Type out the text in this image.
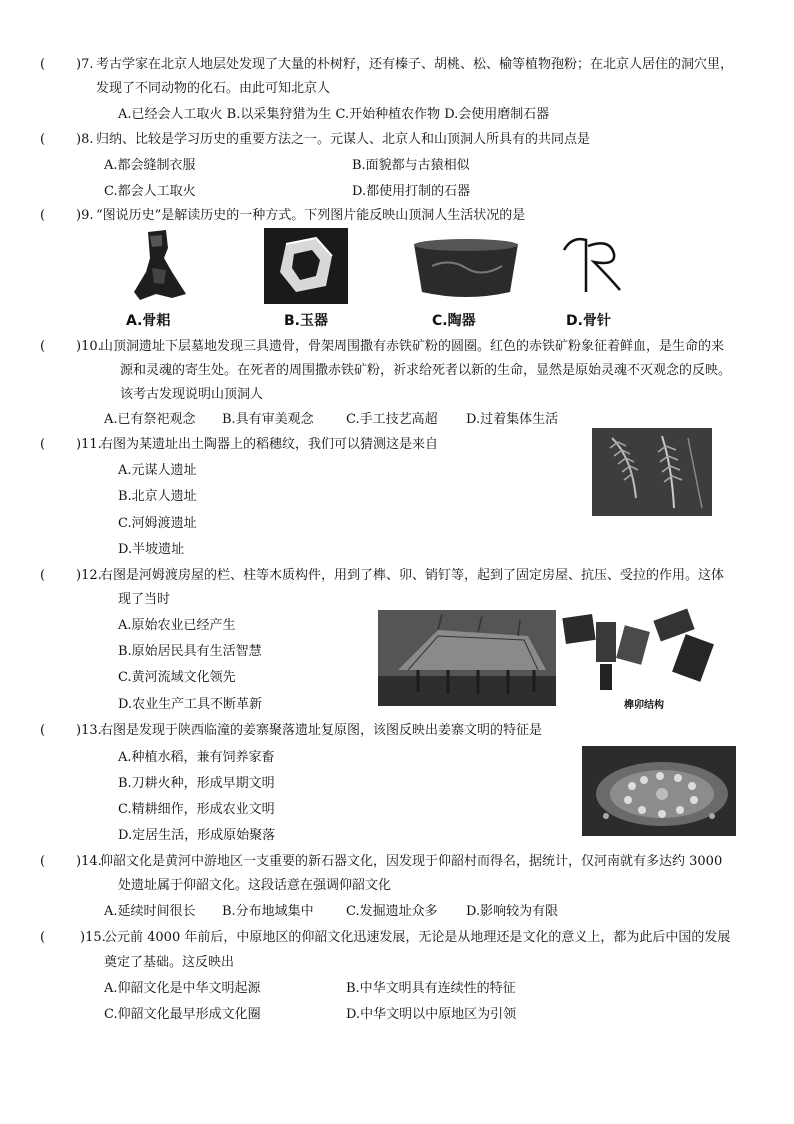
( )7. 考古学家在北京人地层处发现了大量的朴树籽，还有榛子、胡桃、松、榆等植物孢粉；在北京人居住的洞穴里，
发现了不同动物的化石。由此可知北京人
A.已经会人工取火 B.以采集狩猎为生 C.开始种植农作物 D.会使用磨制石器
( )8. 归纳、比较是学习历史的重要方法之一。元谋人、北京人和山顶洞人所具有的共同点是
A.都会缝制衣服	B.面貌都与古猿相似
C.都会人工取火	D.都使用打制的石器
( )9. “图说历史”是解读历史的一种方式。下列图片能反映山顶洞人生活状况的是
A.骨耜	B.玉器	C.陶器	D.骨针
( )10.
山顶洞遗址下层墓地发现三具遗骨，骨架周围撒有赤铁矿粉的圆圈。红色的赤铁矿粉象征着鲜血，是生命的来
源和灵魂的寄生处。在死者的周围撒赤铁矿粉，祈求给死者以新的生命，显然是原始灵魂不灭观念的反映。
该考古发现说明山顶洞人
A.已有祭祀观念 B.具有审美观念 C.手工技艺高超 D.过着集体生活
( )11.
右图为某遗址出土陶器上的稻穗纹，我们可以猜测这是来自
A.元谋人遗址
B.北京人遗址
C.河姆渡遗址
D.半坡遗址
( )12.
右图是河姆渡房屋的栏、柱等木质构件，用到了榫、卯、销钉等，起到了固定房屋、抗压、受拉的作用。这体
现了当时
A.原始农业已经产生
B.原始居民具有生活智慧
C.黄河流域文化领先
D.农业生产工具不断革新	榫卯结构
( )13.
右图是发现于陕西临潼的姜寨聚落遗址复原图，该图反映出姜寨文明的特征是
A.种植水稻，兼有饲养家畜
B.刀耕火种，形成早期文明
C.精耕细作，形成农业文明
D.定居生活，形成原始聚落
( )14.
仰韶文化是黄河中游地区一支重要的新石器文化，因发现于仰韶村而得名，据统计，仅河南就有多达约 3000
处遗址属于仰韶文化。这段话意在强调仰韶文化
A.延续时间很长 B.分布地域集中 C.发掘遗址众多 D.影响较为有限
(	)15.
公元前 4000 年前后，中原地区的仰韶文化迅速发展，无论是从地理还是文化的意义上，都为此后中国的发展
奠定了基础。这反映出
A.仰韶文化是中华文明起源	B.中华文明具有连续性的特征
C.仰韶文化最早形成文化圈	D.中华文明以中原地区为引领
